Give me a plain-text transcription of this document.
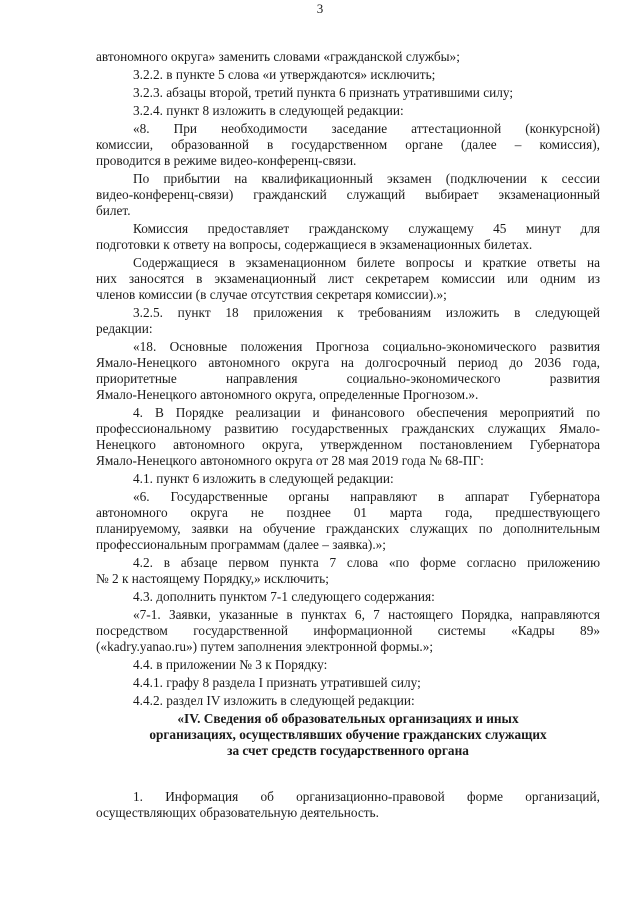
3
автономного округа» заменить словами «гражданской службы»;
3.2.2. в пункте 5 слова «и утверждаются» исключить;
3.2.3. абзацы второй, третий пункта 6 признать утратившими силу;
3.2.4. пункт 8 изложить в следующей редакции:
«8. При необходимости заседание аттестационной (конкурсной)
комиссии, образованной в государственном органе (далее – комиссия),
проводится в режиме видео-конференц-связи.
По прибытии на квалификационный экзамен (подключении к сессии
видео-конференц-связи) гражданский служащий выбирает экзаменационный
билет.
Комиссия предоставляет гражданскому служащему 45 минут для
подготовки к ответу на вопросы, содержащиеся в экзаменационных билетах.
Содержащиеся в экзаменационном билете вопросы и краткие ответы на
них заносятся в экзаменационный лист секретарем комиссии или одним из
членов комиссии (в случае отсутствия секретаря комиссии).»;
3.2.5. пункт 18 приложения к требованиям изложить в следующей
редакции:
«18. Основные положения Прогноза социально-экономического развития
Ямало-Ненецкого автономного округа на долгосрочный период до 2036 года,
приоритетные направления социально-экономического развития
Ямало-Ненецкого автономного округа, определенные Прогнозом.».
4. В Порядке реализации и финансового обеспечения мероприятий по
профессиональному развитию государственных гражданских служащих Ямало-
Ненецкого автономного округа, утвержденном постановлением Губернатора
Ямало-Ненецкого автономного округа от 28 мая 2019 года № 68-ПГ:
4.1. пункт 6 изложить в следующей редакции:
«6. Государственные органы направляют в аппарат Губернатора
автономного округа не позднее 01 марта года, предшествующего
планируемому, заявки на обучение гражданских служащих по дополнительным
профессиональным программам (далее – заявка).»;
4.2. в абзаце первом пункта 7 слова «по форме согласно приложению
№ 2 к настоящему Порядку,» исключить;
4.3. дополнить пунктом 7-1 следующего содержания:
«7-1. Заявки, указанные в пунктах 6, 7 настоящего Порядка, направляются
посредством государственной информационной системы «Кадры 89»
(«kadry.yanao.ru») путем заполнения электронной формы.»;
4.4. в приложении № 3 к Порядку:
4.4.1. графу 8 раздела I признать утратившей силу;
4.4.2. раздел IV изложить в следующей редакции:
1. Информация об организационно-правовой форме организаций,
осуществляющих образовательную деятельность.
«IV. Сведения об образовательных организациях и иных
организациях, осуществлявших обучение гражданских служащих
за счет средств государственного органа
